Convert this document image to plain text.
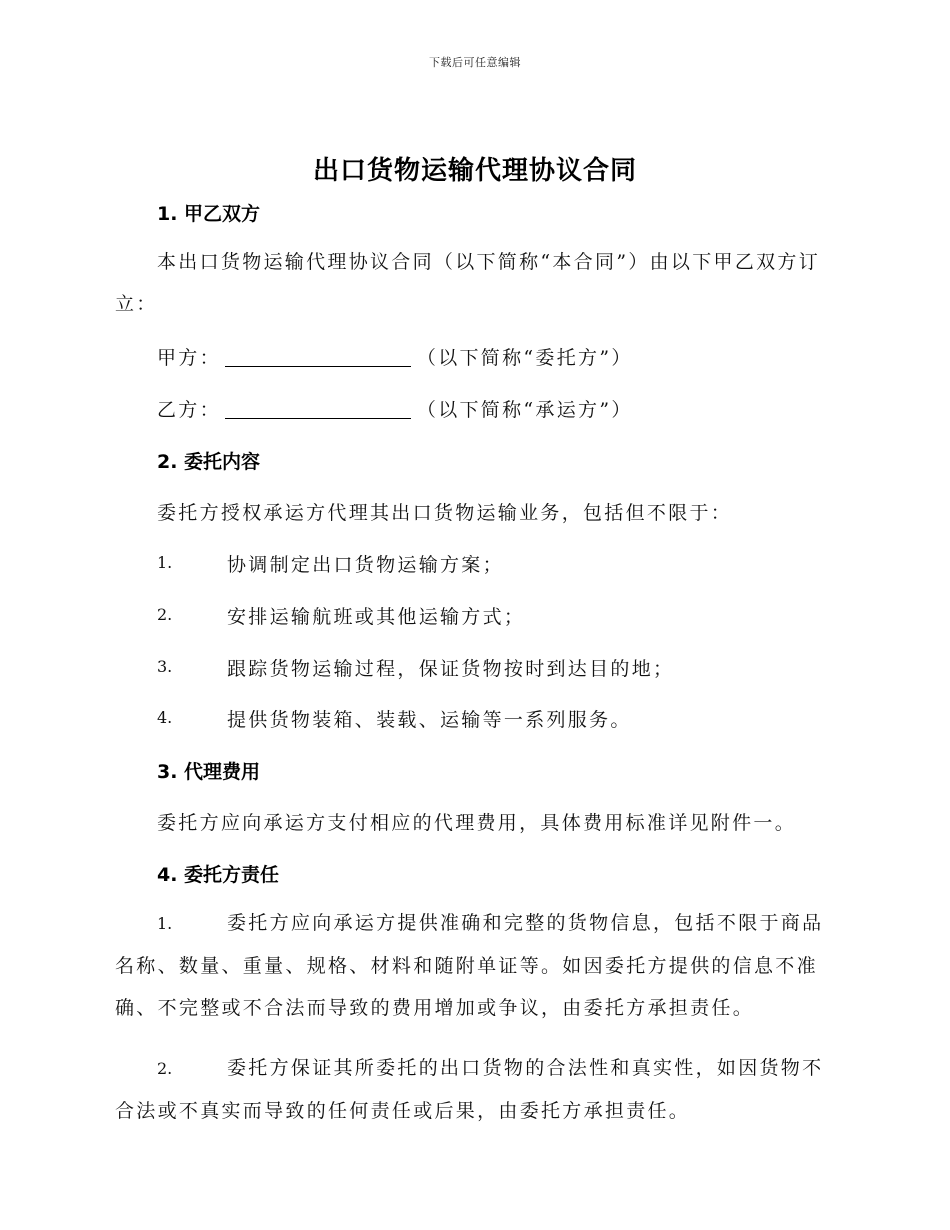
下载后可任意编辑
出口货物运输代理协议合同
1. 甲乙双方
本出口货物运输代理协议合同（以下简称“本合同”）由以下甲乙双方订立：
甲方：	（以下简称“委托方”）
乙方：	（以下简称“承运方”）
2. 委托内容
委托方授权承运方代理其出口货物运输业务，包括但不限于：
1.	协调制定出口货物运输方案；
2.	安排运输航班或其他运输方式；
3.	跟踪货物运输过程，保证货物按时到达目的地；
4.	提供货物装箱、装载、运输等一系列服务。
3. 代理费用
委托方应向承运方支付相应的代理费用，具体费用标准详见附件一。
4. 委托方责任
1.	委托方应向承运方提供准确和完整的货物信息，包括不限于商品名称、数量、重量、规格、材料和随附单证等。如因委托方提供的信息不准确、不完整或不合法而导致的费用增加或争议，由委托方承担责任。
2.	委托方保证其所委托的出口货物的合法性和真实性，如因货物不合法或不真实而导致的任何责任或后果，由委托方承担责任。
